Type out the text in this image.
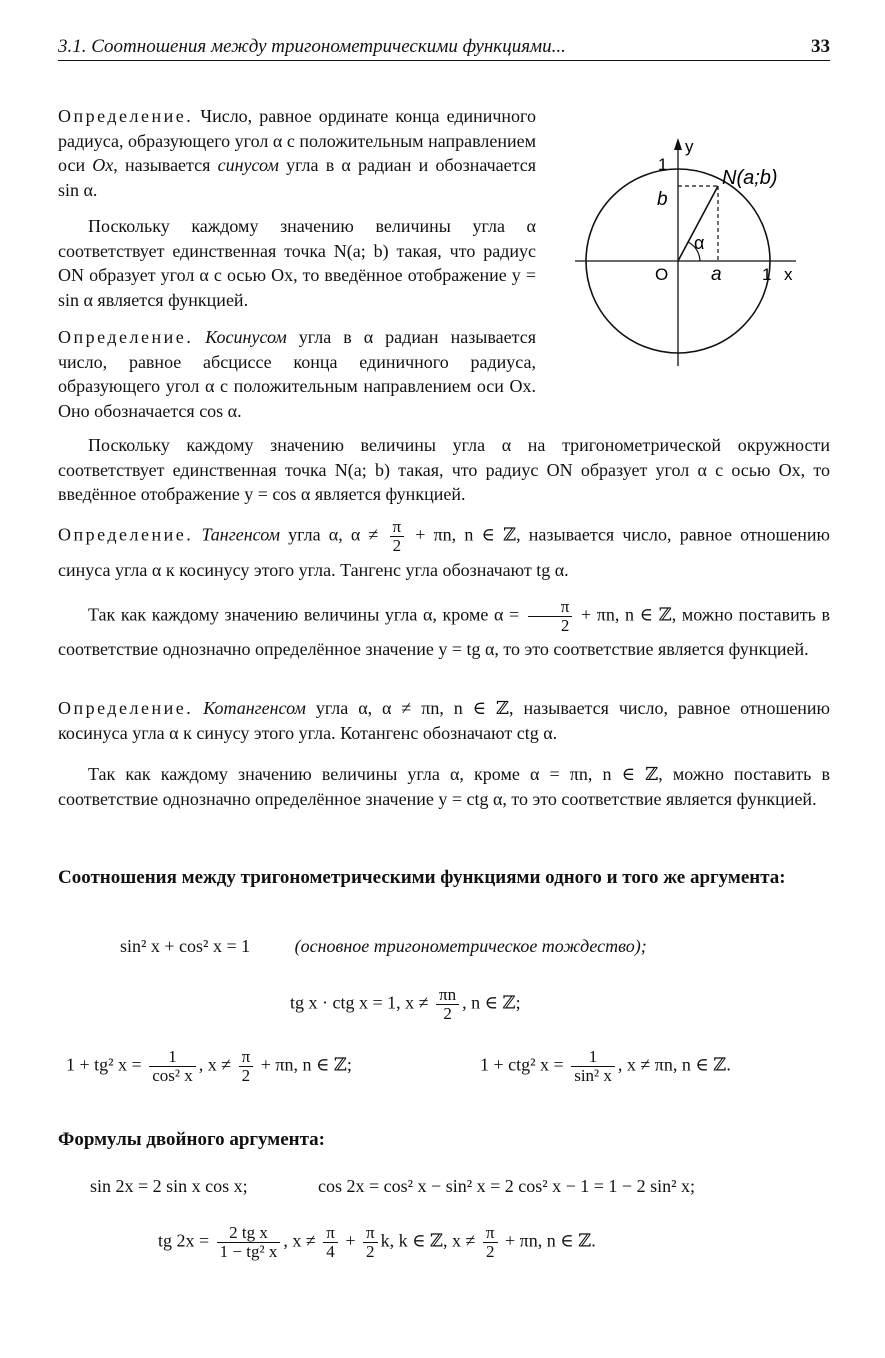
3.1. Соотношения между тригонометрическими функциями...	33
y
1
N(a;b)
b
α
O a 1 x
Определение. Число, равное ординате конца единичного радиуса, образующего угол α с положительным направлением оси Ox, называется синусом угла в α радиан и обозначается sin α.
Поскольку каждому значению величины угла α соответствует единственная точка N(a; b) такая, что радиус ON образует угол α с осью Ox, то введённое отображение y = sin α является функцией.
Определение. Косинусом угла в α радиан называется число, равное абсциссе конца единичного радиуса, образующего угол α с положительным направлением оси Ox. Оно обозначается cos α.
Поскольку каждому значению величины угла α на тригонометрической окружности соответствует единственная точка N(a; b) такая, что радиус ON образует угол α с осью Ox, то введённое отображение y = cos α является функцией.
Определение. Тангенсом угла α, $\alpha \ne \frac{\pi}{2} + \pi n$, n ∈ ℤ, называется число, равное отношению синуса угла α к косинусу этого угла. Тангенс угла обозначают tg α.
Так как каждому значению величины угла α, кроме $\alpha = \frac{\pi}{2} + \pi n$, n ∈ ℤ, можно поставить в соответствие однозначно определённое значение y = tg α, то это соответствие является функцией.
Определение. Котангенсом угла α, α ≠ πn, n ∈ ℤ, называется число, равное отношению косинуса угла α к синусу этого угла. Котангенс обозначают ctg α.
Так как каждому значению величины угла α, кроме α = πn, n ∈ ℤ, можно поставить в соответствие однозначно определённое значение y = ctg α, то это соответствие является функцией.
Соотношения между тригонометрическими функциями одного и того же аргумента:
sin² x + cos² x = 1 (основное тригонометрическое тождество);
tg x · ctg x = 1, $x \ne \frac{\pi n}{2}$ , n ∈ ℤ;
1 + tg² $x = \frac{1}{\text{cos² x}}$ , $x \ne \frac{\pi}{2} + \pi n$, n ∈ ℤ;	1 + ctg² $x = \frac{1}{\text{sin² x}}$ , x ≠ πn, n ∈ ℤ.
Формулы двойного аргумента:
sin 2x = 2 sin x cos x;	cos 2x = cos² x − sin² x = 2 cos² x − 1 = 1 − 2 sin² x;
tg $2x = \frac{\text{2 tg x}}{\text{1 − tg² x}}$ , $x \ne \frac{\pi}{4} + \frac{\pi}{2} k$, k ∈ ℤ, $x \ne \frac{\pi}{2} + \pi n$, n ∈ ℤ.
